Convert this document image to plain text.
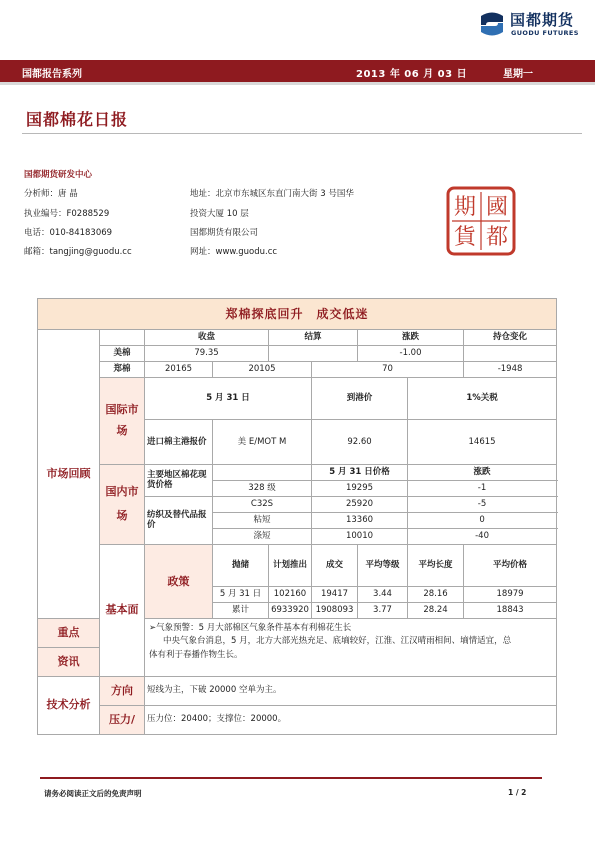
国都期货
GUODU FUTURES
国都报告系列	2013 年 06 月 03 日	星期一
国都棉花日报
国都期货研发中心
分析师：唐 晶
执业编号：F0288529
电话：010-84183069
邮箱：tangjing@guodu.cc
地址：北京市东城区东直门南大街 3 号国华
投资大厦 10 层
国都期货有限公司
网址：www.guodu.cc
國
都
期
貨
郑棉探底回升　成交低迷									
市场回顾		收盘		结算		涨跌		持仓变化	
	美棉	79.35				-1.00			
	郑棉	20165	20105		70			-1948	
	国际市场	5 月 31 日			到港价		1%关税	
		进口棉主港报价	美 E/MOT M		92.60		14615	
	国内市场	主要地区棉花现货价格			5 月 31 日价格		涨跌		
			328 级		19295		-1		
		纺织及替代品报价	C32S		25920		-5		
			粘短		13360		0		
			涤短		10010		-40		
	基本面	政策	抛储	计划推出	成交	平均等级	平均长度	平均价格	
			5 月 31 日	102160	19417	3.44	28.16	18979	
			累计	6933920	1908093	3.77	28.24	18843	
重点		➢气象预警：5 月大部棉区气象条件基本有利棉花生长
中央气象台消息，5 月，北方大部光热充足、底墒较好，江淮、江汉晴雨相间、墒情适宜，总
体有利于春播作物生长。							

资讯									
技术分析	方向	短线为主，下破 20000 空单为主。							
	压力/	压力位：20400；支撑位：20000。							
请务必阅读正文后的免责声明	1 / 2
